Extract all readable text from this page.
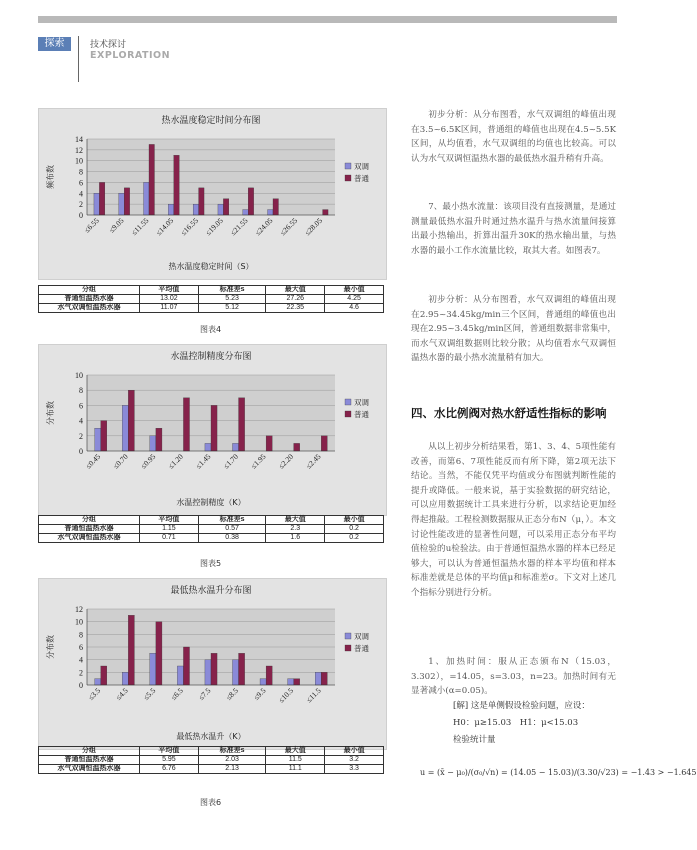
探索	技术探讨
EXPLORATION
0
2
4
6
8
10
12
14
热水温度稳定时间分布图
频布数
≤6.55 ≤9.05 ≤11.55 ≤14.05 ≤16.55 ≤19.05 ≤21.55 ≤24.05 ≤26.55 ≤28.05
热水温度稳定时间（S）
双调
普通
分组	平均值	标准差s	最大值	最小值
普通恒温热水器	13.02	5.23	27.26	4.25
水气双调恒温热水器	11.07	5.12	22.35	4.6
图表4
0
2
4
6
8
10
水温控制精度分布图
分布数
≤0.45 ≤0.70 ≤0.95 ≤1.20 ≤1.45 ≤1.70 ≤1.95 ≤2.20 ≤2.45
水温控制精度（K）
双调
普通
分组	平均值	标准差s	最大值	最小值
普通恒温热水器	1.15	0.57	2.3	0.2
水气双调恒温热水器	0.71	0.38	1.6	0.2
图表5
0
2
4
6
8
10
12
最低热水温升分布图
分布数
≤3.5 ≤4.5 ≤5.5 ≤6.5 ≤7.5 ≤8.5 ≤9.5 ≤10.5 ≤11.5
最低热水温升（K）
双调
普通
分组	平均值	标准差s	最大值	最小值
普通恒温热水器	5.95	2.03	11.5	3.2
水气双调恒温热水器	6.76	2.13	11.1	3.3
图表6

初步分析：从分布图看，水气双调组的峰值出现在3.5~6.5K区间，普通组的峰值也出现在4.5~5.5K区间，从均值看，水气双调组的均值也比较高。可以认为水气双调恒温热水器的最低热水温升稍有升高。

7、最小热水流量：该项目没有直接测量，是通过测量最低热水温升时通过热水温升与热水流量间接算出最小热输出，折算出温升30K的热水输出量，与热水器的最小工作水流量比较，取其大者。如图表7。

初步分析：从分布图看，水气双调组的峰值出现在2.95~34.45kg/min三个区间，普通组的峰值也出现在2.95~3.45kg/min区间，普通组数据非常集中，而水气双调组数据则比较分散；从均值看水气双调恒温热水器的最小热水流量稍有加大。

四、水比例阀对热水舒适性指标的影响

从以上初步分析结果看，第1、3、4、5项性能有改善，而第6、7项性能反而有所下降，第2项无法下结论。当然，不能仅凭平均值或分布图就判断性能的提升或降低。一般来说，基于实验数据的研究结论，可以应用数据统计工具来进行分析，以求结论更加经得起推敲。工程检测数据服从正态分布N（μ，）。本文讨论性能改进的显著性问题，可以采用正态分布平均值检验的u检验法。由于普通恒温热水器的样本已经足够大，可以认为普通恒温热水器的样本平均值和样本标准差就是总体的平均值μ和标准差σ。下文对上述几个指标分别进行分析。

1、加热时间：服从正态颁布N（15.03，3.302），=14.05，s=3.03，n=23。加热时间有无显著减小(α=0.05)。

[解] 这是单侧假设检验问题，应设：
H0：μ≥15.03　H1：μ<15.03
检验统计量
u = (x̄ − μ₀)/(σ₀/√n) = (14.05 − 15.03)/(3.30/√23) = −1.43 > −1.645
